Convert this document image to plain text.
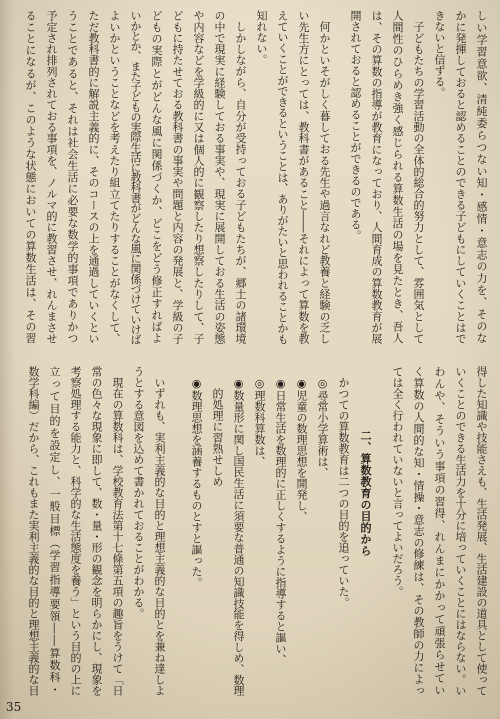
しい学習意欲、清純委らつない知・感情・意志の力を、そのな
かに発揮しておると認めることのできる子どもにしていくことはで
きないと信ずる。
子どもたちの学習活動の全体的総合的努力として、雰囲気として
人間性のひらめき強く感じられる算数生活の場を見たとき、吾人
は、その算数の指導が教育になっており、人間育成の算数教育が展
開されておると認めることができるのである。
何かといそがしく暮しておる先生や過言なれど教養と経験の乏し
い先生方にとっては、教科書があること――それによって算数を教
えていくことができるということは、ありがたいと思われることかも
知れない。
しかしながら、自分が受持っておる子どもたちが、郷土の諸環境
の中で現実に経験しておる事実や、現実に展開しておる生活の姿態
や内容などを学級的に又は個人的に観察したり想察したりして、子
どもに持たせておる教科書の事実や問題と内容の発展と、学級の子
どもの実際とがどんな風に関係づくか、どこをどう修正すればよ
いかとか、また子どもの実際生活に教科書がどんな風に関係づけていけば
よいかということなどを考えたり組立てたりすることがなくして、
ただ教科書的に解説主義的に、そのコースの上を通過していくとい
うことであると、それは社会生活に必要な数学的事項でありかつ
予定され排列されておる事項を、ノルマ的に教習させ、れんまさせ
ることになるが、このような状態においての算数生活は、その習
得した知識や技能さえも、生活発展、生活建設の道具として使って
いくことのできる生活力を十分に培っていくことにはならない。い
わんや、そういう事項の習得、れんまにかかって頑張らせてい
く算数の人間的な知・情操・意志の修練は、その教師の力によっ
ては全く行われていないと言ってよいだろう。
二、算数教育の目的から
かつての算数教育は二つの目的を追っていた。
◎尋常小学算術は、
◉児童の数理思想を開発し、
◉日常生活を数理的に正しくするように指導すると謳い、
◎理数科算数は、
◉数量形に関し国民生活に須要な普通の知識技能を得しめ、数理
的処理に習熟せしめ
◉数理思想を涵養するものとすと謳った。
いずれも、実利主義的な目的と理想主義的な目的とを兼ね達しよ
うとする意図を込めて書かれておることがわかる。
現在の算数科は、学校教育法第十七條第五項の趣旨をうけて「日
常の色々な現象に即して、数・量・形の観念を明らかにし、現象を
考察処理する能力と、科学的な生活態度を養う」という目的の上に
立って目的を設定し、一般目標（学習指導要領――算数科・
数学科編）だから、これもまた実利主義的な目的と理想主義的な目
35
